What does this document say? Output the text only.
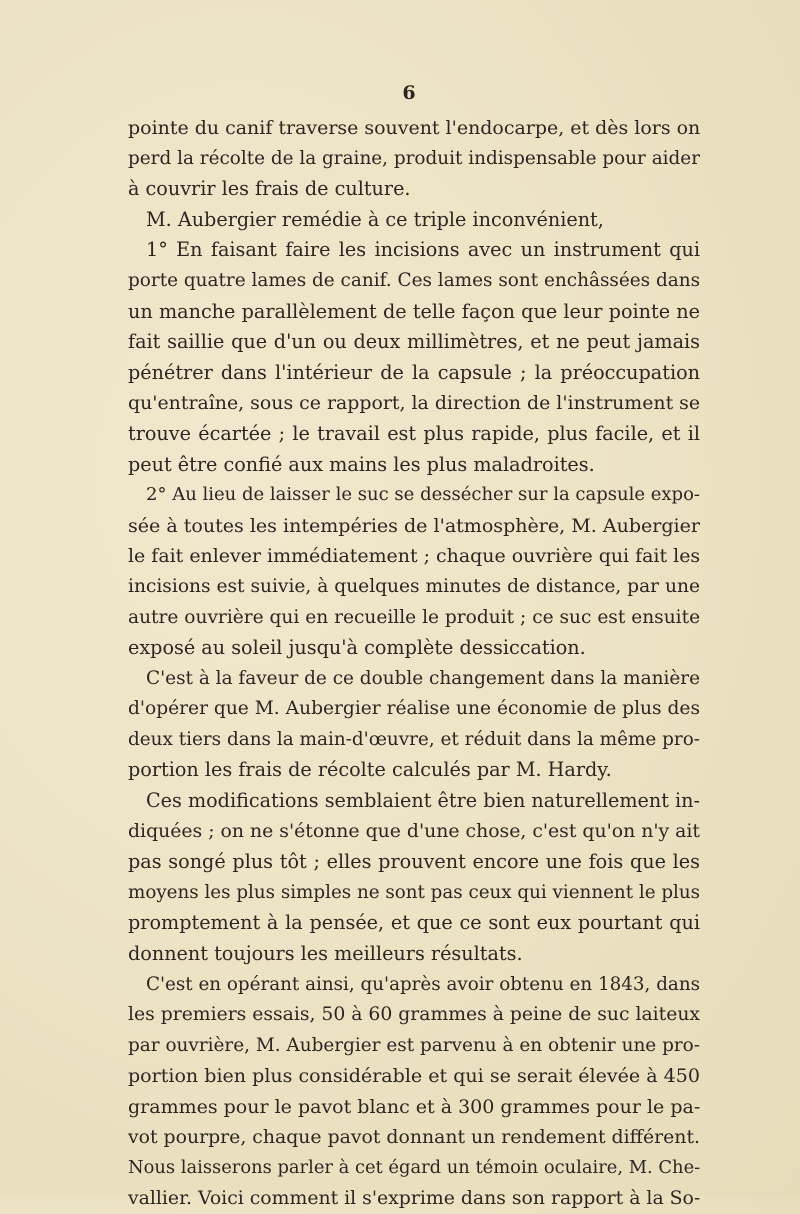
6
pointe du canif traverse souvent l'endocarpe, et dès lors on
perd la récolte de la graine, produit indispensable pour aider
à couvrir les frais de culture.
M. Aubergier remédie à ce triple inconvénient,
1° En faisant faire les incisions avec un instrument qui
porte quatre lames de canif. Ces lames sont enchâssées dans
un manche parallèlement de telle façon que leur pointe ne
fait saillie que d'un ou deux millimètres, et ne peut jamais
pénétrer dans l'intérieur de la capsule ; la préoccupation
qu'entraîne, sous ce rapport, la direction de l'instrument se
trouve écartée ; le travail est plus rapide, plus facile, et il
peut être confié aux mains les plus maladroites.
2° Au lieu de laisser le suc se dessécher sur la capsule expo-
sée à toutes les intempéries de l'atmosphère, M. Aubergier
le fait enlever immédiatement ; chaque ouvrière qui fait les
incisions est suivie, à quelques minutes de distance, par une
autre ouvrière qui en recueille le produit ; ce suc est ensuite
exposé au soleil jusqu'à complète dessiccation.
C'est à la faveur de ce double changement dans la manière
d'opérer que M. Aubergier réalise une économie de plus des
deux tiers dans la main-d'œuvre, et réduit dans la même pro-
portion les frais de récolte calculés par M. Hardy.
Ces modifications semblaient être bien naturellement in-
diquées ; on ne s'étonne que d'une chose, c'est qu'on n'y ait
pas songé plus tôt ; elles prouvent encore une fois que les
moyens les plus simples ne sont pas ceux qui viennent le plus
promptement à la pensée, et que ce sont eux pourtant qui
donnent toujours les meilleurs résultats.
C'est en opérant ainsi, qu'après avoir obtenu en 1843, dans
les premiers essais, 50 à 60 grammes à peine de suc laiteux
par ouvrière, M. Aubergier est parvenu à en obtenir une pro-
portion bien plus considérable et qui se serait élevée à 450
grammes pour le pavot blanc et à 300 grammes pour le pa-
vot pourpre, chaque pavot donnant un rendement différent.
Nous laisserons parler à cet égard un témoin oculaire, M. Che-
vallier. Voici comment il s'exprime dans son rapport à la So-
